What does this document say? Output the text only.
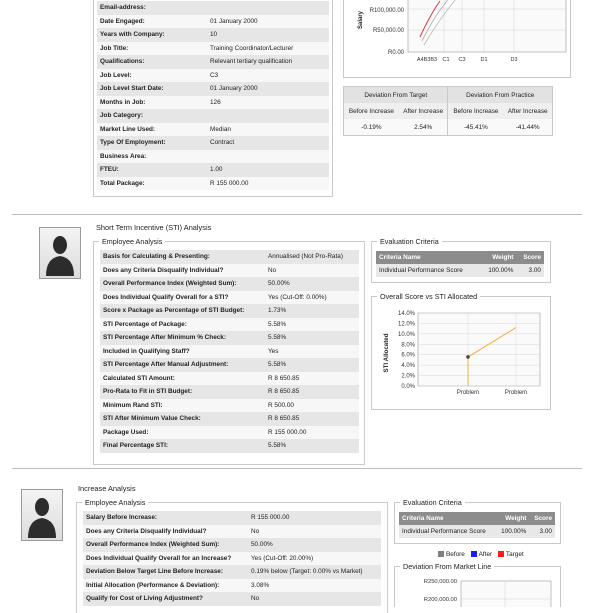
Email-address:	
Date Engaged:	01 January 2000
Years with Company:	10
Job Title:	Training Coordinator/Lecturer
Qualifications:	Relevant tertiary qualification
Job Level:	C3
Job Level Start Date:	01 January 2000
Months in Job:	126
Job Category:	
Market Line Used:	Median
Type Of Employment:	Contract
Business Area:	
FTEU:	1.00
Total Package:	R 155 000.00
Salary R100,000.00
R50,000.00
R0.00
A4B3B3 C1 C3	D1	D3
Deviation From Target		Deviation From Practice	
Before Increase	After Increase	Before Increase	After Increase
-0.19%	2.54%	-45.41%	-41.44%
Short Term Incentive (STI) Analysis
Employee Analysis
Basis for Calculating & Presenting:	Annualised (Not Pro-Rata)
Does any Criteria Disqualify Individual?	No
Overall Performance Index (Weighted Sum):	50.00%
Does Individual Qualify Overall for a STI?	Yes (Cut-Off: 0.00%)
Score x Package as Percentage of STI Budget:	1.73%
STI Percentage of Package:	5.58%
STI Percentage After Minimum % Check:	5.58%
Included in Qualifying Staff?	Yes
STI Percentage After Manual Adjustment:	5.58%
Calculated STI Amount:	R 8 650.85
Pro-Rata to Fit in STI Budget:	R 8 650.85
Minimum Rand STI:	R 500.00
STI After Minimum Value Check:	R 8 650.85
Package Used:	R 155 000.00
Final Percentage STI:	5.58%
Evaluation Criteria
Criteria Name	Weight	Score
Individual Performance Score	100.00%	3.00
Overall Score vs STI Allocated
STI Allocated
14.0%
12.0%
10.0%
8.0%
6.0%
4.0%
2.0%
0.0%
Problem	Problem
Increase Analysis
Employee Analysis
Salary Before Increase:	R 155 000.00
Does any Criteria Disqualify Individual?	No
Overall Performance Index (Weighted Sum):	50.00%
Does Individual Qualify Overall for an Increase?	Yes (Cut-Off: 20.00%)
Deviation Below Target Line Before Increase:	0.19% below (Target: 0.00% vs Market)
Initial Allocation (Performance & Deviation):	3.08%
Qualify for Cost of Living Adjustment?	No
Evaluation Criteria
Criteria Name	Weight	Score
Individual Performance Score	100.00%	3.00
Before After Target
Deviation From Market Line
R250,000.00
R200,000.00
